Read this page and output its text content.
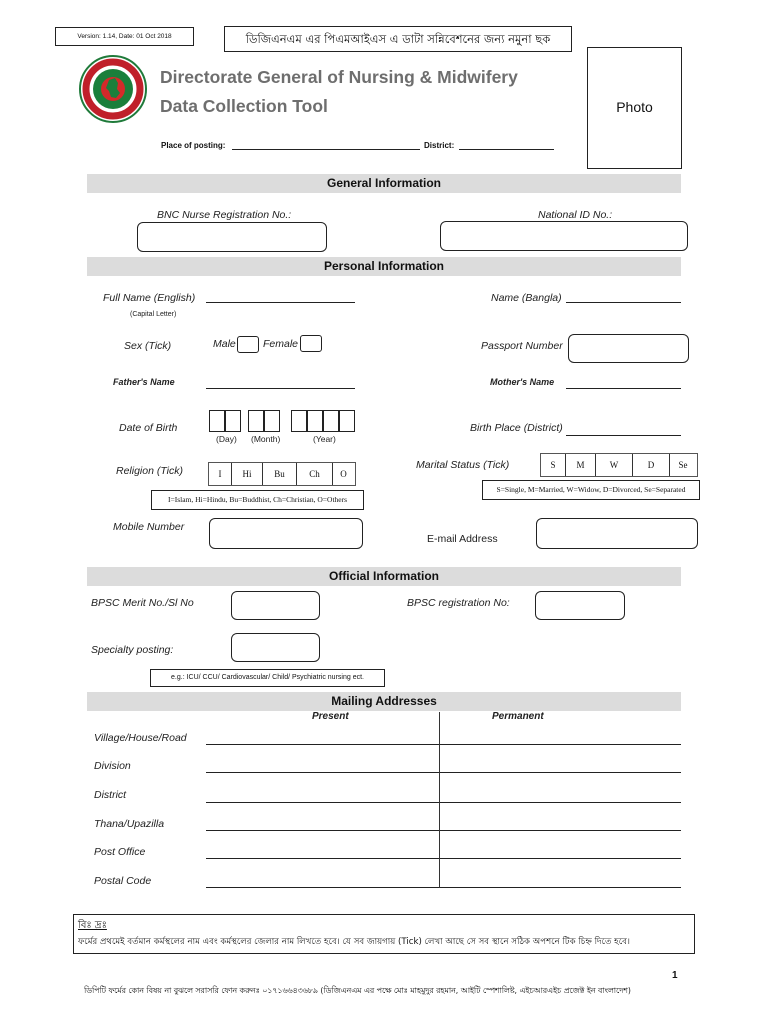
Version: 1.14, Date: 01 Oct 2018	ডিজিএনএম এর পিএমআইএস এ ডাটা সন্নিবেশনের জন্য নমুনা ছক
Directorate General of Nursing & Midwifery
Data Collection Tool	Photo
Place of posting:	District:
General Information
BNC Nurse Registration No.:	National ID No.:
Personal Information
Full Name (English)
(Capital Letter)
Name (Bangla)
Sex (Tick)	Male	Female	Passport Number
Father's Name	Mother's Name
Date of Birth
(Day) (Month)	(Year)
Birth Place (District)
Religion (Tick)	I	Hi	Bu	Ch	O
I=Islam, Hi=Hindu, Bu=Buddhist, Ch=Christian, O=Others
Marital Status (Tick)	S	M	W	D	Se
S=Single, M=Married, W=Widow, D=Divorced, Se=Separated
Mobile Number
E-mail Address
Official Information
BPSC Merit No./Sl No	BPSC registration No:
Specialty posting:
e.g.: ICU/ CCU/ Cardiovascular/ Child/ Psychiatric nursing ect.
Mailing Addresses
Present	Permanent
Village/House/Road
Division
District
Thana/Upazilla
Post Office
Postal Code
বিঃ দ্রঃ
ফর্মের প্রথমেই বর্তমান কর্মস্থলের নাম এবং কর্মস্থলের জেলার নাম লিখতে হবে। যে সব জায়গায় (Tick) লেখা আছে সে সব স্থানে সঠিক অপশনে টিক চিহ্ন দিতে হবে।
1
ডিপিটি ফর্মের কোন বিষয় না বুঝলে সরাসরি ফোন করুনঃ ০১৭১৬৬৪৩৬৮৯ (ডিজিএনএম এর পক্ষে মোঃ মাহমুদুর রহমান, আইটি স্পেশালিষ্ট, এইচআরএইচ প্রজেক্ট ইন বাংলাদেশ)
